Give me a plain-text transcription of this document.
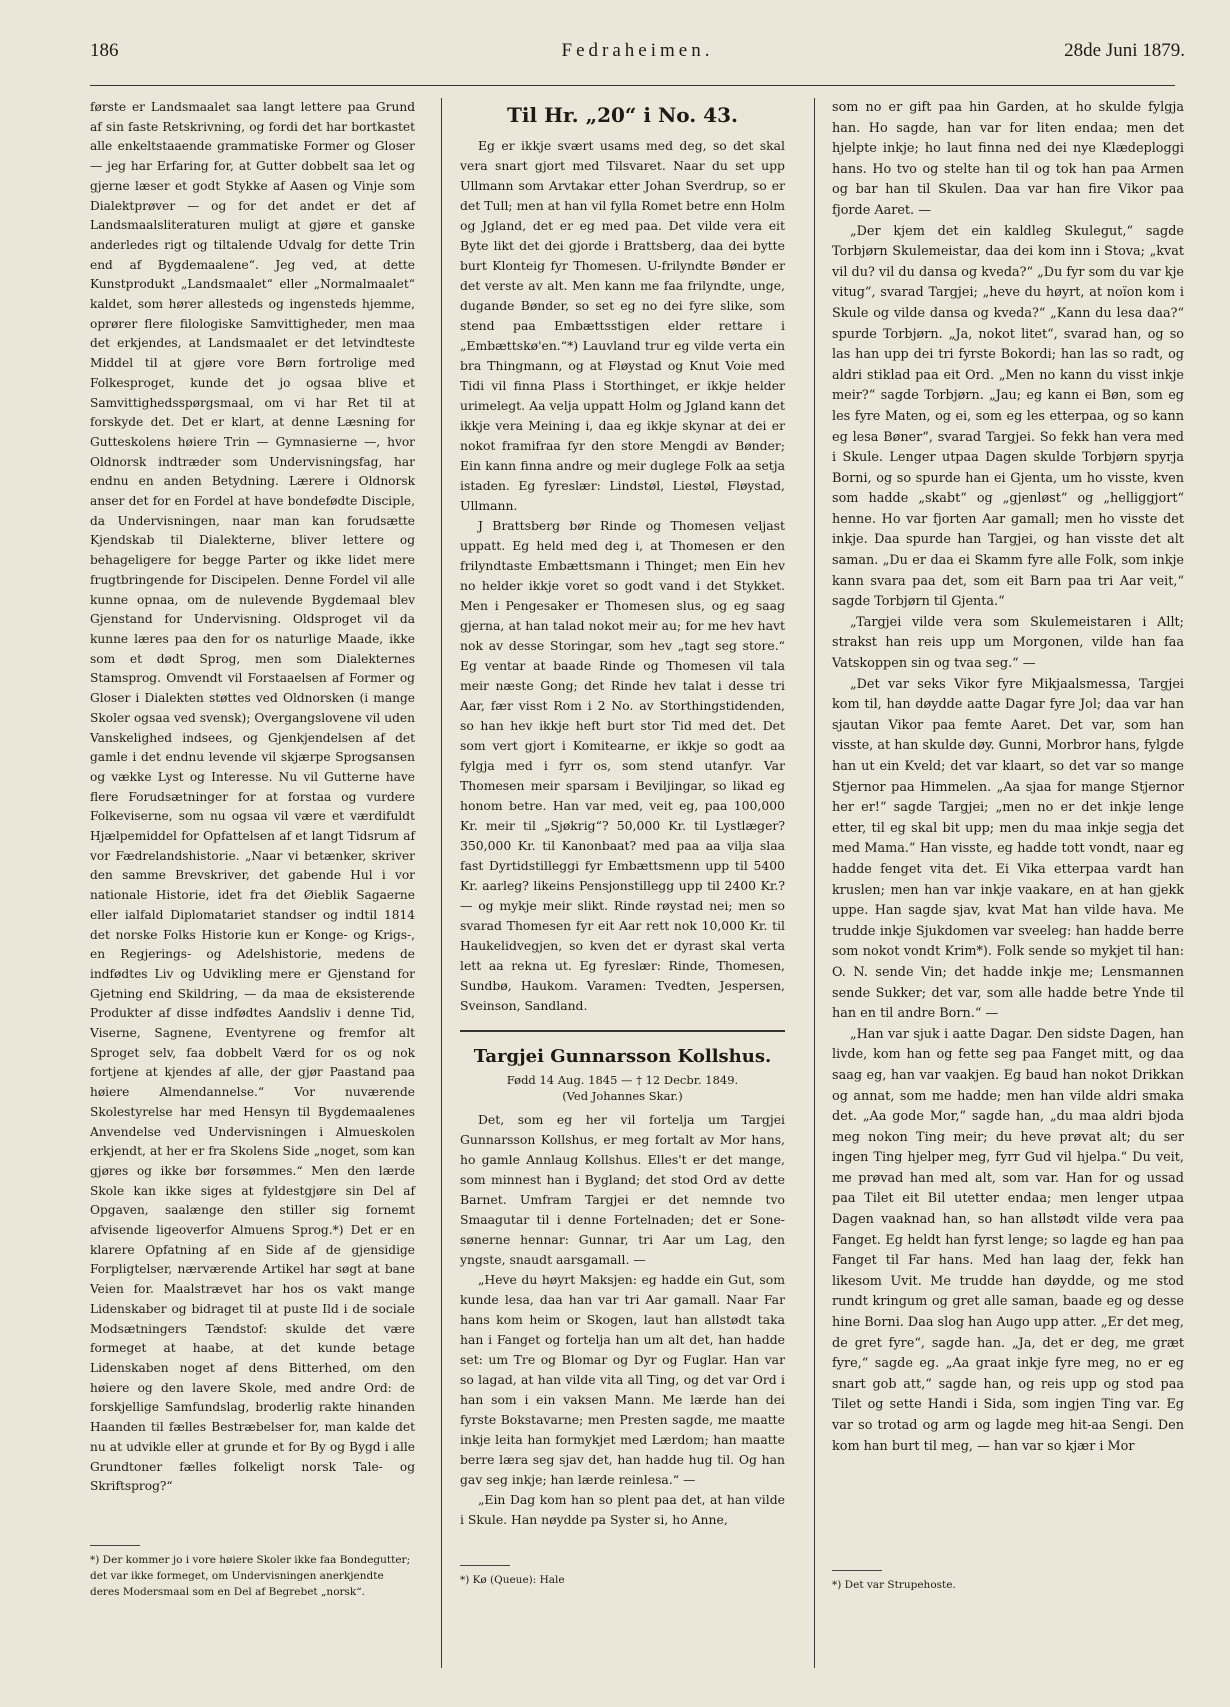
186	Fedraheimen.	28de Juni 1879.

første er Landsmaalet saa langt lettere paa Grund af sin faste Retskrivning, og fordi det har bortkastet alle enkeltstaaende grammatiske Former og Gloser — jeg har Erfaring for, at Gutter dobbelt saa let og gjerne læser et godt Stykke af Aasen og Vinje som Dialektprøver — og for det andet er det af Landsmaalsliteraturen muligt at gjøre et ganske anderledes rigt og tiltalende Udvalg for dette Trin end af Bygdemaalene“. Jeg ved, at dette Kunstprodukt „Landsmaalet“ eller „Normalmaalet“ kaldet, som hører allesteds og ingensteds hjemme, oprører flere filologiske Samvittigheder, men maa det erkjendes, at Landsmaalet er det letvindteste Middel til at gjøre vore Børn fortrolige med Folkesproget, kunde det jo ogsaa blive et Samvittighedsspørgsmaal, om vi har Ret til at forskyde det. Det er klart, at denne Læsning for Gutteskolens høiere Trin — Gymnasierne —, hvor Oldnorsk indtræder som Undervisningsfag, har endnu en anden Betydning. Lærere i Oldnorsk anser det for en Fordel at have bondefødte Disciple, da Undervisningen, naar man kan forudsætte Kjendskab til Dialekterne, bliver lettere og behageligere for begge Parter og ikke lidet mere frugtbringende for Discipelen. Denne Fordel vil alle kunne opnaa, om de nulevende Bygdemaal blev Gjenstand for Undervisning. Oldsproget vil da kunne læres paa den for os naturlige Maade, ikke som et dødt Sprog, men som Dialekternes Stamsprog. Omvendt vil Forstaaelsen af Former og Gloser i Dialekten støttes ved Oldnorsken (i mange Skoler ogsaa ved svensk); Overgangslovene vil uden Vanskelighed indsees, og Gjenkjendelsen af det gamle i det endnu levende vil skjærpe Sprogsansen og vække Lyst og Interesse. Nu vil Gutterne have flere Forudsætninger for at forstaa og vurdere Folkeviserne, som nu ogsaa vil være et værdifuldt Hjælpemiddel for Opfattelsen af et langt Tidsrum af vor Fædrelandshistorie. „Naar vi betænker, skriver den samme Brevskriver, det gabende Hul i vor nationale Historie, idet fra det Øieblik Sagaerne eller ialfald Diplomatariet standser og indtil 1814 det norske Folks Historie kun er Konge- og Krigs-, en Regjerings- og Adelshistorie, medens de indfødtes Liv og Udvikling mere er Gjenstand for Gjetning end Skildring, — da maa de eksisterende Produkter af disse indfødtes Aandsliv i denne Tid, Viserne, Sagnene, Eventyrene og fremfor alt Sproget selv, faa dobbelt Værd for os og nok fortjene at kjendes af alle, der gjør Paastand paa høiere Almendannelse.“ Vor nuværende Skolestyrelse har med Hensyn til Bygdemaalenes Anvendelse ved Undervisningen i Almueskolen erkjendt, at her er fra Skolens Side „noget, som kan gjøres og ikke bør forsømmes.“ Men den lærde Skole kan ikke siges at fyldestgjøre sin Del af Opgaven, saalænge den stiller sig fornemt afvisende ligeoverfor Almuens Sprog.*) Det er en klarere Opfatning af en Side af de gjensidige Forpligtelser, nærværende Artikel har søgt at bane Veien for. Maalstrævet har hos os vakt mange Lidenskaber og bidraget til at puste Ild i de sociale Modsætningers Tændstof: skulde det være formeget at haabe, at det kunde betage Lidenskaben noget af dens Bitterhed, om den høiere og den lavere Skole, med andre Ord: de forskjellige Samfundslag, broderlig rakte hinanden Haanden til fælles Bestræbelser for, man kalde det nu at udvikle eller at grunde et for By og Bygd i alle Grundtoner fælles folkeligt norsk Tale- og Skriftsprog?“

*) Der kommer jo i vore høiere Skoler ikke faa Bondegutter; det var ikke formeget, om Undervisningen anerkjendte deres Modersmaal som en Del af Begrebet „norsk“.

Til Hr. „20“ i No. 43.

Eg er ikkje svært usams med deg, so det skal vera snart gjort med Tilsvaret. Naar du set upp Ullmann som Arvtakar etter Johan Sverdrup, so er det Tull; men at han vil fylla Romet betre enn Holm og Jgland, det er eg med paa. Det vilde vera eit Byte likt det dei gjorde i Brattsberg, daa dei bytte burt Klonteig fyr Thomesen. U-frilyndte Bønder er det verste av alt. Men kann me faa frilyndte, unge, dugande Bønder, so set eg no dei fyre slike, som stend paa Embættsstigen elder rettare i „Embættskø'en.“*) Lauvland trur eg vilde verta ein bra Thingmann, og at Fløystad og Knut Voie med Tidi vil finna Plass i Storthinget, er ikkje helder urimelegt. Aa velja uppatt Holm og Jgland kann det ikkje vera Meining i, daa eg ikkje skynar at dei er nokot framifraa fyr den store Mengdi av Bønder; Ein kann finna andre og meir duglege Folk aa setja istaden. Eg fyreslær: Lindstøl, Liestøl, Fløystad, Ullmann.

J Brattsberg bør Rinde og Thomesen veljast uppatt. Eg held med deg i, at Thomesen er den frilyndtaste Embættsmann i Thinget; men Ein hev no helder ikkje voret so godt vand i det Stykket. Men i Pengesaker er Thomesen slus, og eg saag gjerna, at han talad nokot meir au; for me hev havt nok av desse Storingar, som hev „tagt seg store.“ Eg ventar at baade Rinde og Thomesen vil tala meir næste Gong; det Rinde hev talat i desse tri Aar, fær visst Rom i 2 No. av Storthingstidenden, so han hev ikkje heft burt stor Tid med det. Det som vert gjort i Komitearne, er ikkje so godt aa fylgja med i fyrr os, som stend utanfyr. Var Thomesen meir sparsam i Beviljingar, so likad eg honom betre. Han var med, veit eg, paa 100,000 Kr. meir til „Sjøkrig“? 50,000 Kr. til Lystlæger? 350,000 Kr. til Kanonbaat? med paa aa vilja slaa fast Dyrtidstilleggi fyr Embættsmenn upp til 5400 Kr. aarleg? likeins Pensjonstillegg upp til 2400 Kr.? — og mykje meir slikt. Rinde røystad nei; men so svarad Thomesen fyr eit Aar rett nok 10,000 Kr. til Haukelidvegjen, so kven det er dyrast skal verta lett aa rekna ut. Eg fyreslær: Rinde, Thomesen, Sundbø, Haukom. Varamen: Tvedten, Jespersen, Sveinson, Sandland.

Targjei Gunnarsson Kollshus.
Fødd 14 Aug. 1845 — † 12 Decbr. 1849.
(Ved Johannes Skar.)

Det, som eg her vil fortelja um Targjei Gunnarsson Kollshus, er meg fortalt av Mor hans, ho gamle Annlaug Kollshus. Elles't er det mange, som minnest han i Bygland; det stod Ord av dette Barnet. Umfram Targjei er det nemnde tvo Smaagutar til i denne Fortelnaden; det er Sone-sønerne hennar: Gunnar, tri Aar um Lag, den yngste, snaudt aarsgamall. —

„Heve du høyrt Maksjen: eg hadde ein Gut, som kunde lesa, daa han var tri Aar gamall. Naar Far hans kom heim or Skogen, laut han allstødt taka han i Fanget og fortelja han um alt det, han hadde set: um Tre og Blomar og Dyr og Fuglar. Han var so lagad, at han vilde vita all Ting, og det var Ord i han som i ein vaksen Mann. Me lærde han dei fyrste Bokstavarne; men Presten sagde, me maatte inkje leita han formykjet med Lærdom; han maatte berre læra seg sjav det, han hadde hug til. Og han gav seg inkje; han lærde reinlesa.“ —

„Ein Dag kom han so plent paa det, at han vilde i Skule. Han nøydde pa Syster si, ho Anne,

*) Kø (Queue): Hale

som no er gift paa hin Garden, at ho skulde fylgja han. Ho sagde, han var for liten endaa; men det hjelpte inkje; ho laut finna ned dei nye Klædeploggi hans. Ho tvo og stelte han til og tok han paa Armen og bar han til Skulen. Daa var han fire Vikor paa fjorde Aaret. —

„Der kjem det ein kaldleg Skulegut,“ sagde Torbjørn Skulemeistar, daa dei kom inn i Stova; „kvat vil du? vil du dansa og kveda?“ „Du fyr som du var kje vitug“, svarad Targjei; „heve du høyrt, at noïon kom i Skule og vilde dansa og kveda?“ „Kann du lesa daa?“ spurde Torbjørn. „Ja, nokot litet“, svarad han, og so las han upp dei tri fyrste Bokordi; han las so radt, og aldri stiklad paa eit Ord. „Men no kann du visst inkje meir?“ sagde Torbjørn. „Jau; eg kann ei Bøn, som eg les fyre Maten, og ei, som eg les etterpaa, og so kann eg lesa Bøner“, svarad Targjei. So fekk han vera med i Skule. Lenger utpaa Dagen skulde Torbjørn spyrja Borni, og so spurde han ei Gjenta, um ho visste, kven som hadde „skabt“ og „gjenløst“ og „helliggjort“ henne. Ho var fjorten Aar gamall; men ho visste det inkje. Daa spurde han Targjei, og han visste det alt saman. „Du er daa ei Skamm fyre alle Folk, som inkje kann svara paa det, som eit Barn paa tri Aar veit,“ sagde Torbjørn til Gjenta.“

„Targjei vilde vera som Skulemeistaren i Allt; strakst han reis upp um Morgonen, vilde han faa Vatskoppen sin og tvaa seg.“ —

„Det var seks Vikor fyre Mikjaalsmessa, Targjei kom til, han døydde aatte Dagar fyre Jol; daa var han sjautan Vikor paa femte Aaret. Det var, som han visste, at han skulde døy. Gunni, Morbror hans, fylgde han ut ein Kveld; det var klaart, so det var so mange Stjernor paa Himmelen. „Aa sjaa for mange Stjernor her er!“ sagde Targjei; „men no er det inkje lenge etter, til eg skal bit upp; men du maa inkje segja det med Mama.“ Han visste, eg hadde tott vondt, naar eg hadde fenget vita det. Ei Vika etterpaa vardt han kruslen; men han var inkje vaakare, en at han gjekk uppe. Han sagde sjav, kvat Mat han vilde hava. Me trudde inkje Sjukdomen var sveeleg: han hadde berre som nokot vondt Krim*). Folk sende so mykjet til han: O. N. sende Vin; det hadde inkje me; Lensmannen sende Sukker; det var, som alle hadde betre Ynde til han en til andre Born.“ —

„Han var sjuk i aatte Dagar. Den sidste Dagen, han livde, kom han og fette seg paa Fanget mitt, og daa saag eg, han var vaakjen. Eg baud han nokot Drikkan og annat, som me hadde; men han vilde aldri smaka det. „Aa gode Mor,“ sagde han, „du maa aldri bjoda meg nokon Ting meir; du heve prøvat alt; du ser ingen Ting hjelper meg, fyrr Gud vil hjelpa.“ Du veit, me prøvad han med alt, som var. Han for og ussad paa Tilet eit Bil utetter endaa; men lenger utpaa Dagen vaaknad han, so han allstødt vilde vera paa Fanget. Eg heldt han fyrst lenge; so lagde eg han paa Fanget til Far hans. Med han laag der, fekk han likesom Uvit. Me trudde han døydde, og me stod rundt kringum og gret alle saman, baade eg og desse hine Borni. Daa slog han Augo upp atter. „Er det meg, de gret fyre“, sagde han. „Ja, det er deg, me græt fyre,“ sagde eg. „Aa graat inkje fyre meg, no er eg snart gob att,“ sagde han, og reis upp og stod paa Tilet og sette Handi i Sida, som ingjen Ting var. Eg var so trotad og arm og lagde meg hit-aa Sengi. Den kom han burt til meg, — han var so kjær i Mor

*) Det var Strupehoste.
